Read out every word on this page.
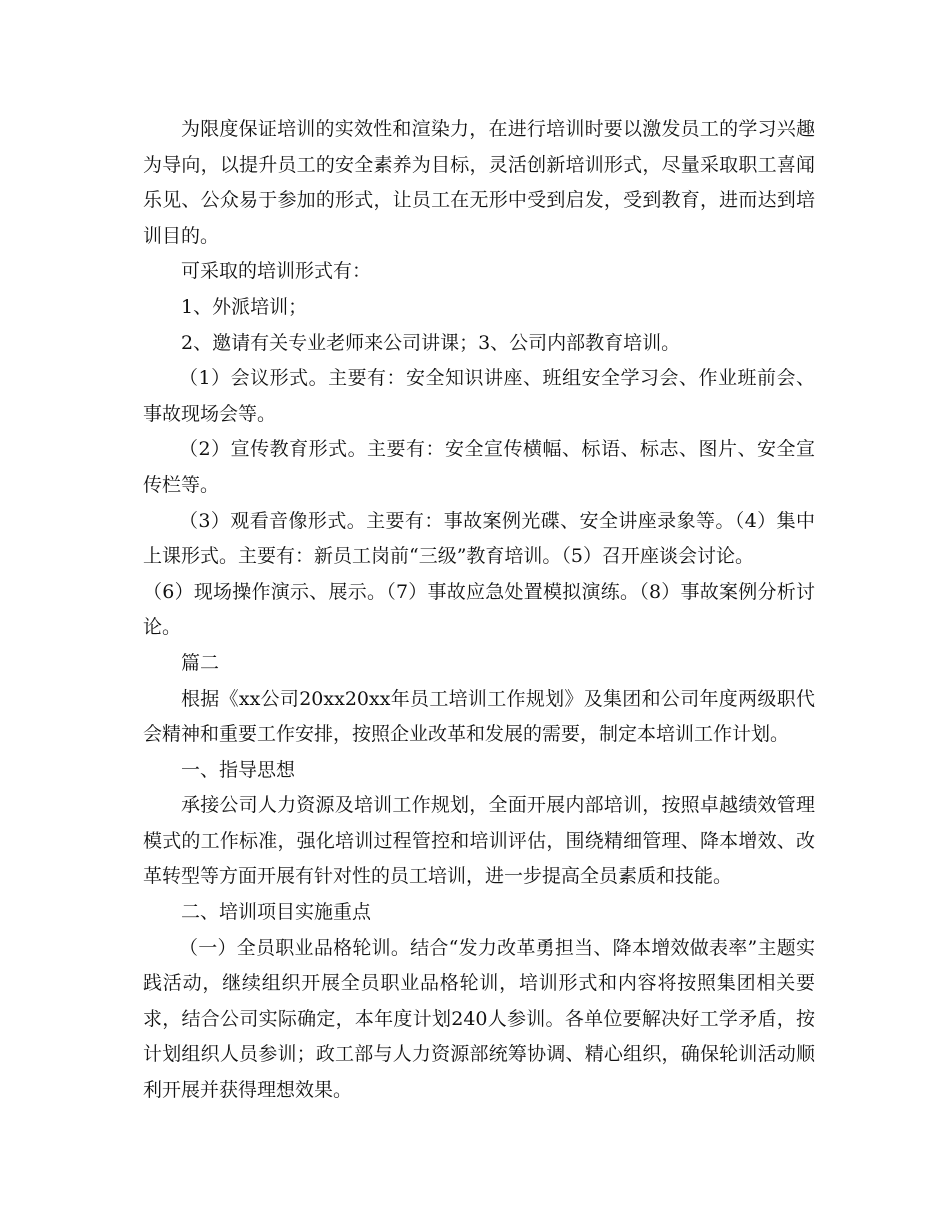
为限度保证培训的实效性和渲染力，在进行培训时要以激发员工的学习兴趣为导向，以提升员工的安全素养为目标，灵活创新培训形式，尽量采取职工喜闻乐见、公众易于参加的形式，让员工在无形中受到启发，受到教育，进而达到培训目的。

可采取的培训形式有：

1、外派培训；

2、邀请有关专业老师来公司讲课；3、公司内部教育培训。

（1）会议形式。主要有：安全知识讲座、班组安全学习会、作业班前会、事故现场会等。

（2）宣传教育形式。主要有：安全宣传横幅、标语、标志、图片、安全宣传栏等。

（3）观看音像形式。主要有：事故案例光碟、安全讲座录象等。（4）集中上课形式。主要有：新员工岗前“三级”教育培训。（5）召开座谈会讨论。

（6）现场操作演示、展示。（7）事故应急处置模拟演练。（8）事故案例分析讨论。

篇二

根据《xx公司20xx20xx年员工培训工作规划》及集团和公司年度两级职代会精神和重要工作安排，按照企业改革和发展的需要，制定本培训工作计划。

一、指导思想

承接公司人力资源及培训工作规划，全面开展内部培训，按照卓越绩效管理模式的工作标准，强化培训过程管控和培训评估，围绕精细管理、降本增效、改革转型等方面开展有针对性的员工培训，进一步提高全员素质和技能。

二、培训项目实施重点

（一）全员职业品格轮训。结合“发力改革勇担当、降本增效做表率”主题实践活动，继续组织开展全员职业品格轮训，培训形式和内容将按照集团相关要求，结合公司实际确定，本年度计划240人参训。各单位要解决好工学矛盾，按计划组织人员参训；政工部与人力资源部统筹协调、精心组织，确保轮训活动顺利开展并获得理想效果。
